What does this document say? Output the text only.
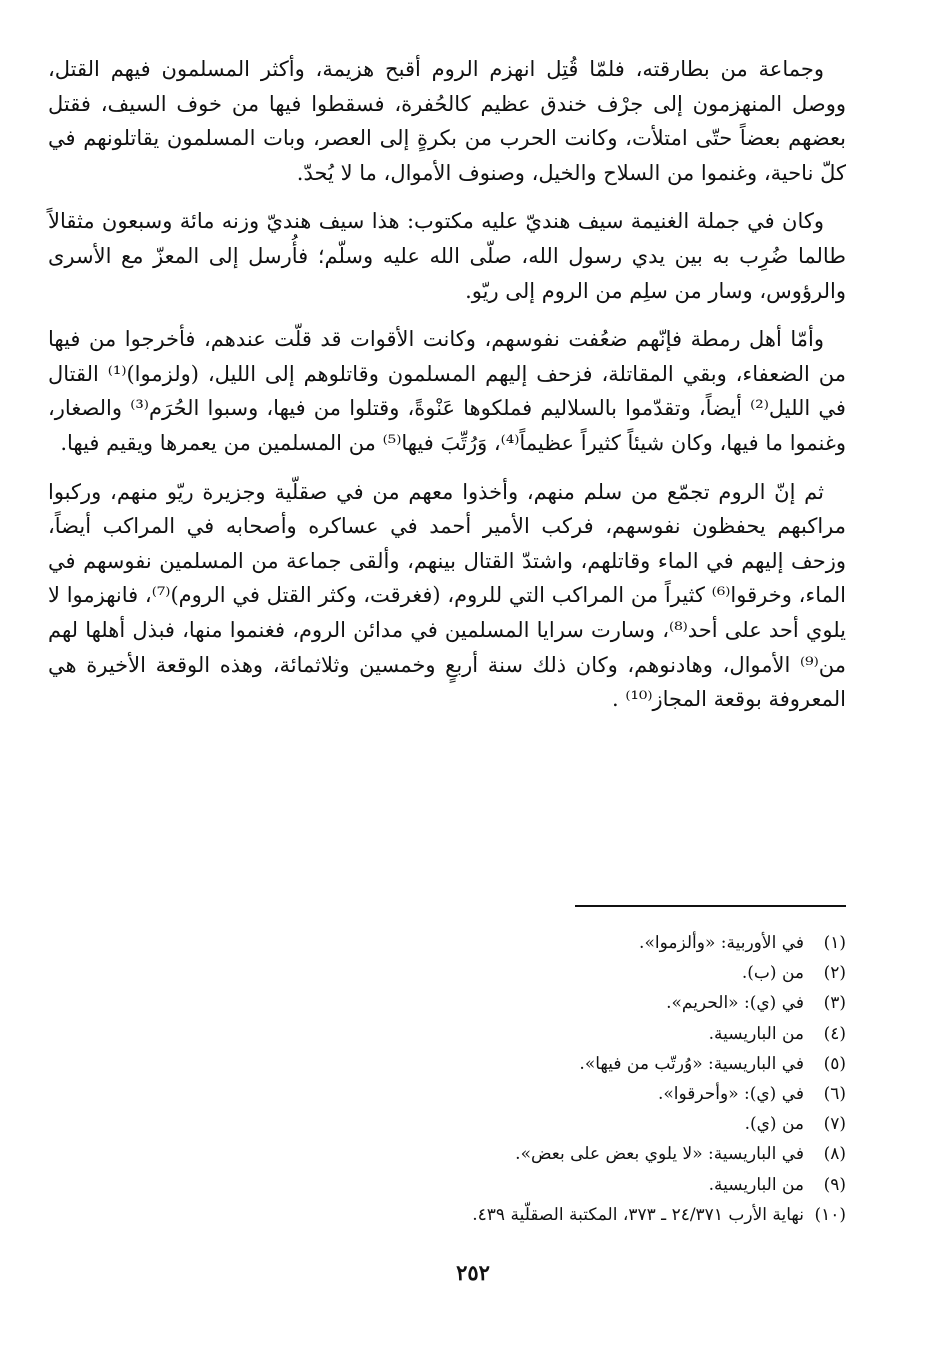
وجماعة من بطارقته، فلمّا قُتِل انهزم الروم أقبح هزيمة، وأكثر المسلمون فيهم القتل، ووصل المنهزمون إلى جرْف خندق عظيم كالحُفرة، فسقطوا فيها من خوف السيف، فقتل بعضهم بعضاً حتّى امتلأت، وكانت الحرب من بكرةٍ إلى العصر، وبات المسلمون يقاتلونهم في كلّ ناحية، وغنموا من السلاح والخيل، وصنوف الأموال، ما لا يُحدّ.

وكان في جملة الغنيمة سيف هنديّ عليه مكتوب: هذا سيف هنديّ وزنه مائة وسبعون مثقالاً طالما ضُرِب به بين يدي رسول الله، صلّى الله عليه وسلّم؛ فأُرسل إلى المعزّ مع الأسرى والرؤوس، وسار من سلِم من الروم إلى ريّو.

وأمّا أهل رمطة فإنّهم ضعُفت نفوسهم، وكانت الأقوات قد قلّت عندهم، فأخرجوا من فيها من الضعفاء، وبقي المقاتلة، فزحف إليهم المسلمون وقاتلوهم إلى الليل، (ولزموا)⁽¹⁾ القتال في الليل⁽²⁾ أيضاً، وتقدّموا بالسلاليم فملكوها عَنْوةً، وقتلوا من فيها، وسبوا الحُرَم⁽³⁾ والصغار، وغنموا ما فيها، وكان شيئاً كثيراً عظيماً⁽⁴⁾، وَرُتِّبَ فيها⁽⁵⁾ من المسلمين من يعمرها ويقيم فيها.

ثم إنّ الروم تجمّع من سلم منهم، وأخذوا معهم من في صقلّية وجزيرة ريّو منهم، وركبوا مراكبهم يحفظون نفوسهم، فركب الأمير أحمد في عساكره وأصحابه في المراكب أيضاً، وزحف إليهم في الماء وقاتلهم، واشتدّ القتال بينهم، وألقى جماعة من المسلمين نفوسهم في الماء، وخرقوا⁽⁶⁾ كثيراً من المراكب التي للروم، (فغرقت، وكثر القتل في الروم)⁽⁷⁾، فانهزموا لا يلوي أحد على أحد⁽⁸⁾، وسارت سرايا المسلمين في مدائن الروم، فغنموا منها، فبذل أهلها لهم من⁽⁹⁾ الأموال، وهادنوهم، وكان ذلك سنة أربعٍ وخمسين وثلاثمائة، وهذه الوقعة الأخيرة هي المعروفة بوقعة المجاز⁽¹⁰⁾ .

(١)
في الأوربية: «وألزموا».
(٢)
من (ب).
(٣)
في (ي): «الحريم».
(٤)
من الباريسية.
(٥)
في الباريسية: «وُرتّب من فيها».
(٦)
في (ي): «وأحرقوا».
(٧)
من (ي).
(٨)
في الباريسية: «لا يلوي بعض على بعض».
(٩)
من الباريسية.
(١٠)
نهاية الأرب ٢٤/٣٧١ ـ ٣٧٣، المكتبة الصقلّية ٤٣٩.
٢٥٢
